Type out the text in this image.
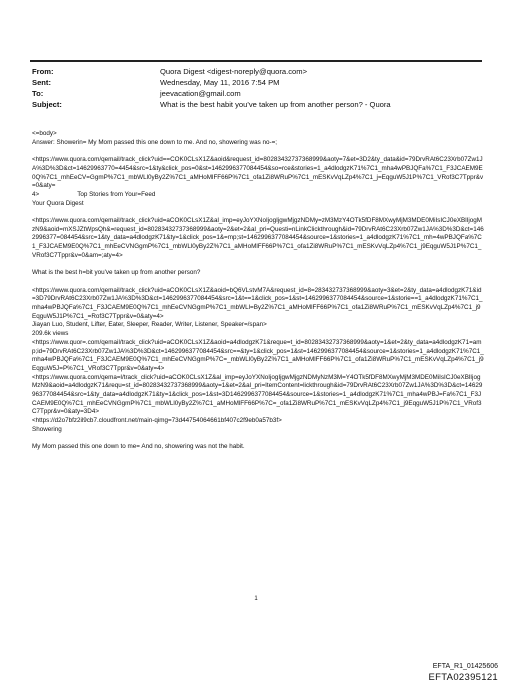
From:	Quora Digest <digest-noreply@quora.com>
Sent:	Wednesday, May 11, 2016 7:54 PM
To:	jeevacation@gmail.com
Subject:	What is the best habit you've taken up from another person? - Quora

<=body>

Answer: Showerin= My Mom passed this one down to me. And no, showering was no-=;

<https://www.quora.com/qemail/track_click?uid==COK0CLsX1Z&aoid&request_id=80283432737368999&aoty=7&et=3D2&ty_data&id=79DrvRAt6C23Xrb07Zw1JA%3D%3D&ct=14629963770=4454&src=1&ty&click_pos=0&st=1462996377084454&so=rce&stories=1_a4dlodgzK71%7C1_mha4wPBJQFa%7C1_F3JCAEM9E0Q%7C1_mhEeCV=GgmP%7C1_mbWLl0yBy2Z%7C1_aMHoMlFF66P%7C1_ofa1Zi8WRuP%7C1_mESKvVqLZp4%7C1_j=EqguW5J1P%7C1_VRof3C7Tppr&v=0&aty=

4>	Top Stories from Your=Feed

Your Quora Digest

<https://www.quora.com/qemail/track_click?uid=aCOK0CLsX1Z&al_imp=eyJoYXNoIjogIjgwMjgzNDMy=zM3MzY4OTk5fDF8MXwyMjM3MDE0MiIsICJ0eXBlIjogMzN9&aoid=mXSJZtWpsQh&=request_id=80283432737368999&aoty=2&et=2&al_pri=Questi=nLinkClickthrough&id=79DrvRAt6C23Xrb07Zw1JA%3D%3D&ct=1462996377=084454&src=1&ty_data=a4dlodgzK71&ty=1&click_pos=1&=mp;st=1462996377084454&source=1&stories=1_a4dlodgzK71%7C1_mh=4wPBJQFa%7C1_F3JCAEM9E0Q%7C1_mhEeCVNGgmP%7C1_mbWLl0yBy2Z%7C1_aMHoMlFF66P%7C1_ofa1Zi8WRuP%7C1_mESKvVqLZp4%7C1_j9EqguW5J1P%7C1_VRof3C7Tppr&v=0&am=;aty=4>

What is the best h=bit you've taken up from another person?

<https://www.quora.com/qemail/track_click?uid=aCOK0CLsX1Z&aoid=bQ6VLstvM7A&request_id=8=283432737368999&aoty=3&et=2&ty_data=a4dlodgzK71&id=3D79DrvRAt6C23Xrb07Zw1JA%3D%3D&ct=1462996377084454&src=1&t==1&click_pos=1&st=1462996377084454&source=1&storie==1_a4dlodgzK71%7C1_mha4wPBJQFa%7C1_F3JCAEM9E0Q%7C1_mhEeCVNGgmP%7C1_mbWLl=By2Z%7C1_aMHoMlFF66P%7C1_ofa1Zi8WRuP%7C1_mESKvVqLZp4%7C1_j9EqguW5J1P%7C1_=Rof3C7Tppr&v=0&aty=4>

Jiayan Luo, Student, Lifter, Eater, Sleeper, Reader, Writer, Listener, Speaker=/span>

209.6k views

<https://www.quor=.com/qemail/track_click?uid=aCOK0CLsX1Z&aoid=a4dlodgzK71&reque=t_id=80283432737368999&aoty=1&et=2&ty_data=a4dlodgzK71=amp;id=79DrvRAt6C23Xrb07Zw1JA%3D%3D&ct=1462996377084454&src==&ty=1&click_pos=1&st=1462996377084454&source=1&stories=1_a4dlodgzK71%7C1_mha4wPBJQFa%7C1_F3JCAEM9E0Q%7C1_mhEeCVNGgmP%7C=_mbWLl0yBy2Z%7C1_aMHoMlFF66P%7C1_ofa1Zi8WRuP%7C1_mESKvVqLZp4%7C1_j9EqguW5J=P%7C1_VRof3C7Tppr&v=0&aty=4>

<https://www.quora.com/qema=l/track_click?uid=aCOK0CLsX1Z&al_imp=eyJoYXNoIjogIjgwMjgzNDMyNzM3M=Y4OTk5fDF8MXwyMjM3MDE0MiIsICJ0eXBlIjogMzN9&aoid=a4dlodgzK71&requ=st_id=80283432737368999&aoty=1&et=2&al_pri=ItemContent=lickthrough&id=79DrvRAt6C23Xrb07Zw1JA%3D%3D&ct=1462996377084454&src=1&ty_data=a4dlodgzK71&ty=1&click_pos=1&st=3D1462996377084454&source=1&stories=1_a4dlodgzK71%7C1_mha4wPBJ=Fa%7C1_F3JCAEM9E0Q%7C1_mhEeCVNGgmP%7C1_mbWLl0yBy2Z%7C1_aMHoMlFF66P%7C=_ofa1Zi8WRuP%7C1_mESKvVqLZp4%7C1_j9EqguW5J1P%7C1_VRof3C7Tppr&v=0&aty=3D4>

<https://d2o7bfz2il9cb7.cloudfront.net/main-qimg=73d44754064661bf407c2f9eb0a57b3f>

Showering

My Mom passed this one down to me= And no, showering was not the habit.

1
EFTA_R1_01425606
EFTA02395121
